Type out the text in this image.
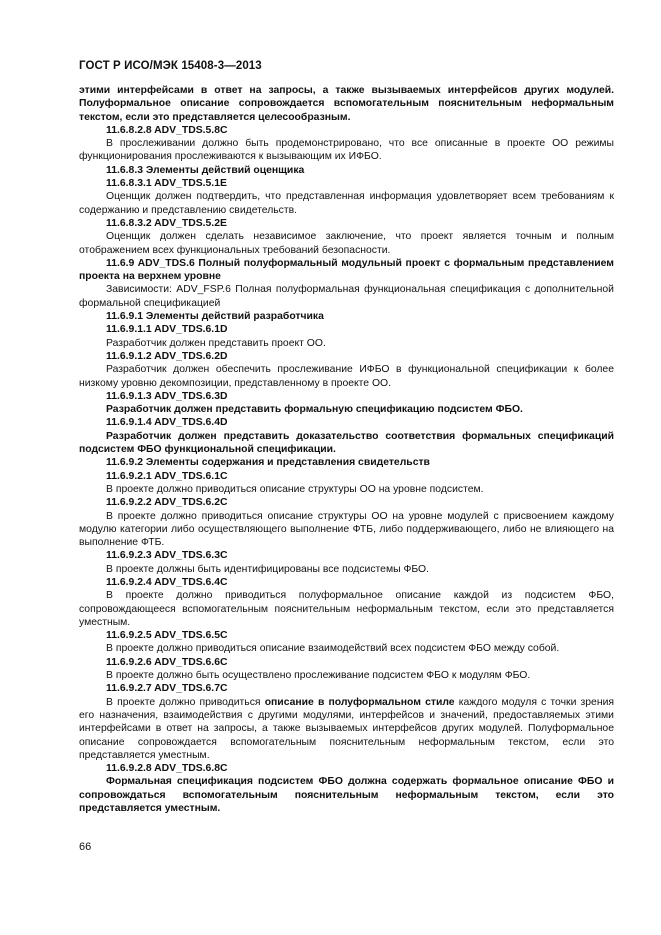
ГОСТ Р ИСО/МЭК 15408-3—2013
этими интерфейсами в ответ на запросы, а также вызываемых интерфейсов других модулей. Полуформальное описание сопровождается вспомогательным пояснительным неформальным текстом, если это представляется целесообразным.
11.6.8.2.8 ADV_TDS.5.8C
В прослеживании должно быть продемонстрировано, что все описанные в проекте ОО режимы функционирования прослеживаются к вызывающим их ИФБО.
11.6.8.3 Элементы действий оценщика
11.6.8.3.1 ADV_TDS.5.1E
Оценщик должен подтвердить, что представленная информация удовлетворяет всем требованиям к содержанию и представлению свидетельств.
11.6.8.3.2 ADV_TDS.5.2E
Оценщик должен сделать независимое заключение, что проект является точным и полным отображением всех функциональных требований безопасности.
11.6.9 ADV_TDS.6 Полный полуформальный модульный проект с формальным представлением проекта на верхнем уровне
Зависимости: ADV_FSP.6 Полная полуформальная функциональная спецификация с дополнительной формальной спецификацией
11.6.9.1 Элементы действий разработчика
11.6.9.1.1 ADV_TDS.6.1D
Разработчик должен представить проект ОО.
11.6.9.1.2 ADV_TDS.6.2D
Разработчик должен обеспечить прослеживание ИФБО в функциональной спецификации к более низкому уровню декомпозиции, представленному в проекте ОО.
11.6.9.1.3 ADV_TDS.6.3D
Разработчик должен представить формальную спецификацию подсистем ФБО.
11.6.9.1.4 ADV_TDS.6.4D
Разработчик должен представить доказательство соответствия формальных спецификаций подсистем ФБО функциональной спецификации.
11.6.9.2 Элементы содержания и представления свидетельств
11.6.9.2.1 ADV_TDS.6.1C
В проекте должно приводиться описание структуры ОО на уровне подсистем.
11.6.9.2.2 ADV_TDS.6.2C
В проекте должно приводиться описание структуры ОО на уровне модулей с присвоением каждому модулю категории либо осуществляющего выполнение ФТБ, либо поддерживающего, либо не влияющего на выполнение ФТБ.
11.6.9.2.3 ADV_TDS.6.3C
В проекте должны быть идентифицированы все подсистемы ФБО.
11.6.9.2.4 ADV_TDS.6.4C
В проекте должно приводиться полуформальное описание каждой из подсистем ФБО, сопровождающееся вспомогательным пояснительным неформальным текстом, если это представляется уместным.
11.6.9.2.5 ADV_TDS.6.5C
В проекте должно приводиться описание взаимодействий всех подсистем ФБО между собой.
11.6.9.2.6 ADV_TDS.6.6C
В проекте должно быть осуществлено прослеживание подсистем ФБО к модулям ФБО.
11.6.9.2.7 ADV_TDS.6.7C
В проекте должно приводиться описание в полуформальном стиле каждого модуля с точки зрения его назначения, взаимодействия с другими модулями, интерфейсов и значений, предоставляемых этими интерфейсами в ответ на запросы, а также вызываемых интерфейсов других модулей. Полуформальное описание сопровождается вспомогательным пояснительным неформальным текстом, если это представляется уместным.
11.6.9.2.8 ADV_TDS.6.8C
Формальная спецификация подсистем ФБО должна содержать формальное описание ФБО и сопровождаться вспомогательным пояснительным неформальным текстом, если это представляется уместным.
66
